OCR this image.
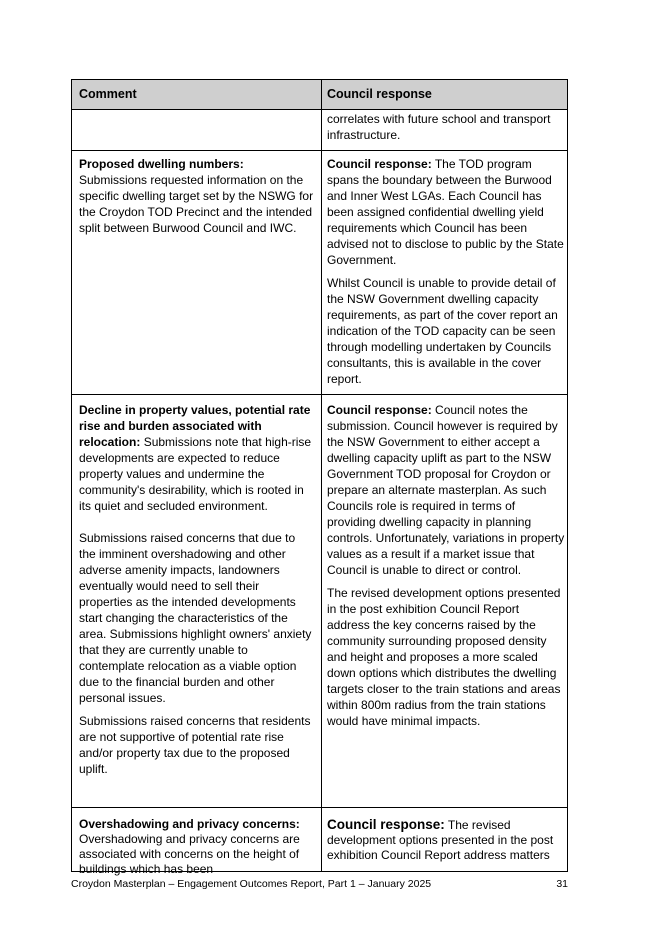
Comment	Council response

correlates with future school and transport infrastructure.

Proposed dwelling numbers:
Submissions requested information on the specific dwelling target set by the NSWG for the Croydon TOD Precinct and the intended split between Burwood Council and IWC.

Council response: The TOD program spans the boundary between the Burwood and Inner West LGAs. Each Council has been assigned confidential dwelling yield requirements which Council has been advised not to disclose to public by the State Government.

Whilst Council is unable to provide detail of the NSW Government dwelling capacity requirements, as part of the cover report an indication of the TOD capacity can be seen through modelling undertaken by Councils consultants, this is available in the cover report.

Decline in property values, potential rate rise and burden associated with relocation: Submissions note that high-rise developments are expected to reduce property values and undermine the community's desirability, which is rooted in its quiet and secluded environment.

Submissions raised concerns that due to the imminent overshadowing and other adverse amenity impacts, landowners eventually would need to sell their properties as the intended developments start changing the characteristics of the area. Submissions highlight owners' anxiety that they are currently unable to contemplate relocation as a viable option due to the financial burden and other personal issues.

Submissions raised concerns that residents are not supportive of potential rate rise and/or property tax due to the proposed uplift.

Council response: Council notes the submission. Council however is required by the NSW Government to either accept a dwelling capacity uplift as part to the NSW Government TOD proposal for Croydon or prepare an alternate masterplan. As such Councils role is required in terms of providing dwelling capacity in planning controls. Unfortunately, variations in property values as a result if a market issue that Council is unable to direct or control.

The revised development options presented in the post exhibition Council Report address the key concerns raised by the community surrounding proposed density and height and proposes a more scaled down options which distributes the dwelling targets closer to the train stations and areas within 800m radius from the train stations would have minimal impacts.

Overshadowing and privacy concerns: Overshadowing and privacy concerns are associated with concerns on the height of buildings which has been

Council response: The revised development options presented in the post exhibition Council Report address matters

Croydon Masterplan – Engagement Outcomes Report, Part 1 – January 2025	31
